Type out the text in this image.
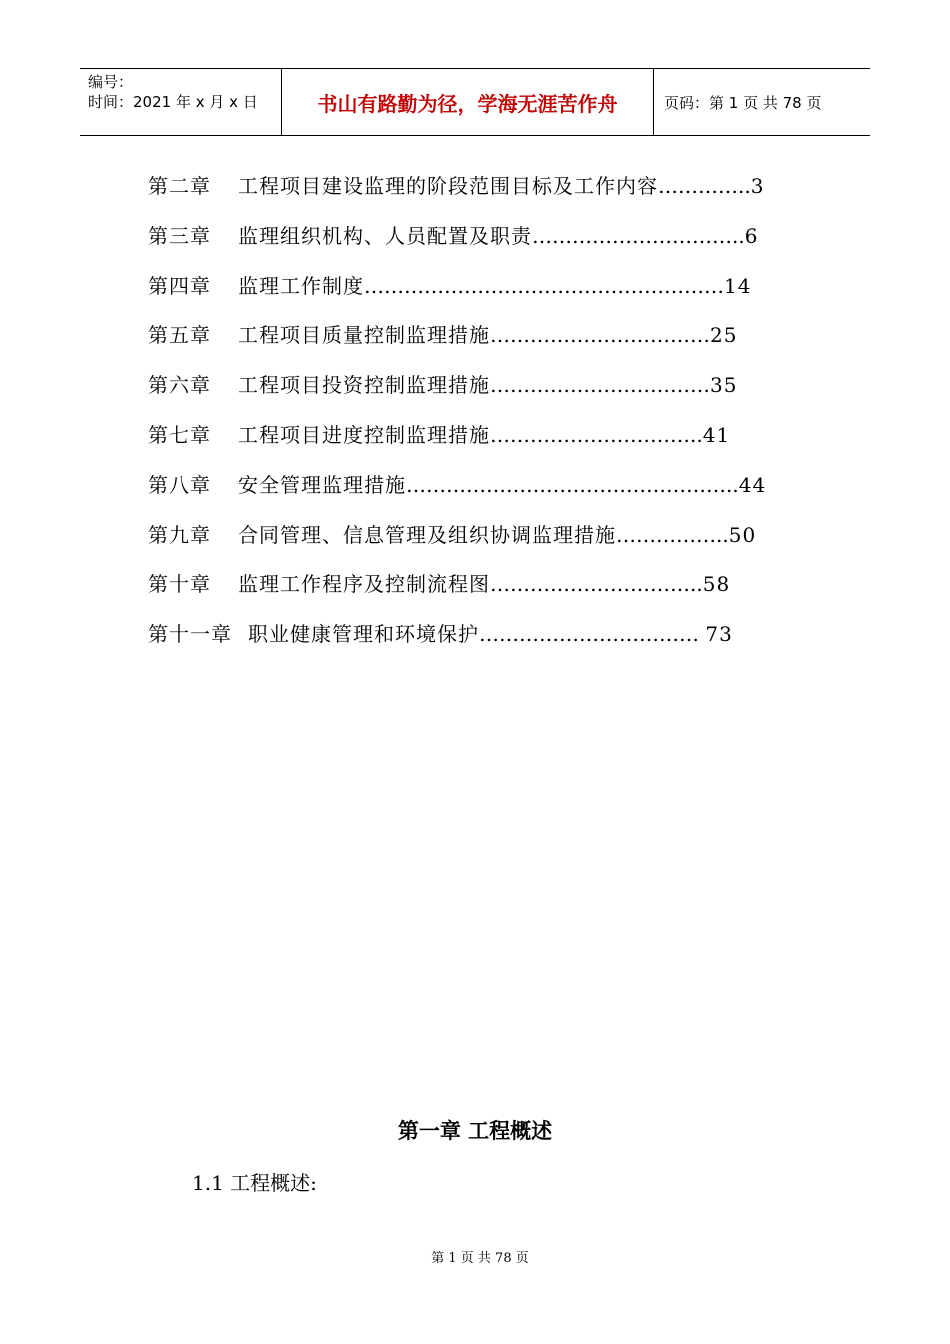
编号：
时间：2021 年 x 月 x 日	书山有路勤为径，学海无涯苦作舟	页码：第 1 页 共 78 页
第二章 工程项目建设监理的阶段范围目标及工作内容…………..3
第三章 监理组织机构、人员配置及职责…………………………..6
第四章 监理工作制度………………………………………………14
第五章 工程项目质量控制监理措施……………………………25
第六章 工程项目投资控制监理措施……………………………35
第七章 工程项目进度控制监理措施…………………………..41
第八章 安全管理监理措施…………………………………………..44
第九章 合同管理、信息管理及组织协调监理措施……………..50
第十章 监理工作程序及控制流程图…………………………..58
第十一章 职业健康管理和环境保护…………………………… 73
第一章 工程概述
1.1 工程概述:
第 1 页 共 78 页
